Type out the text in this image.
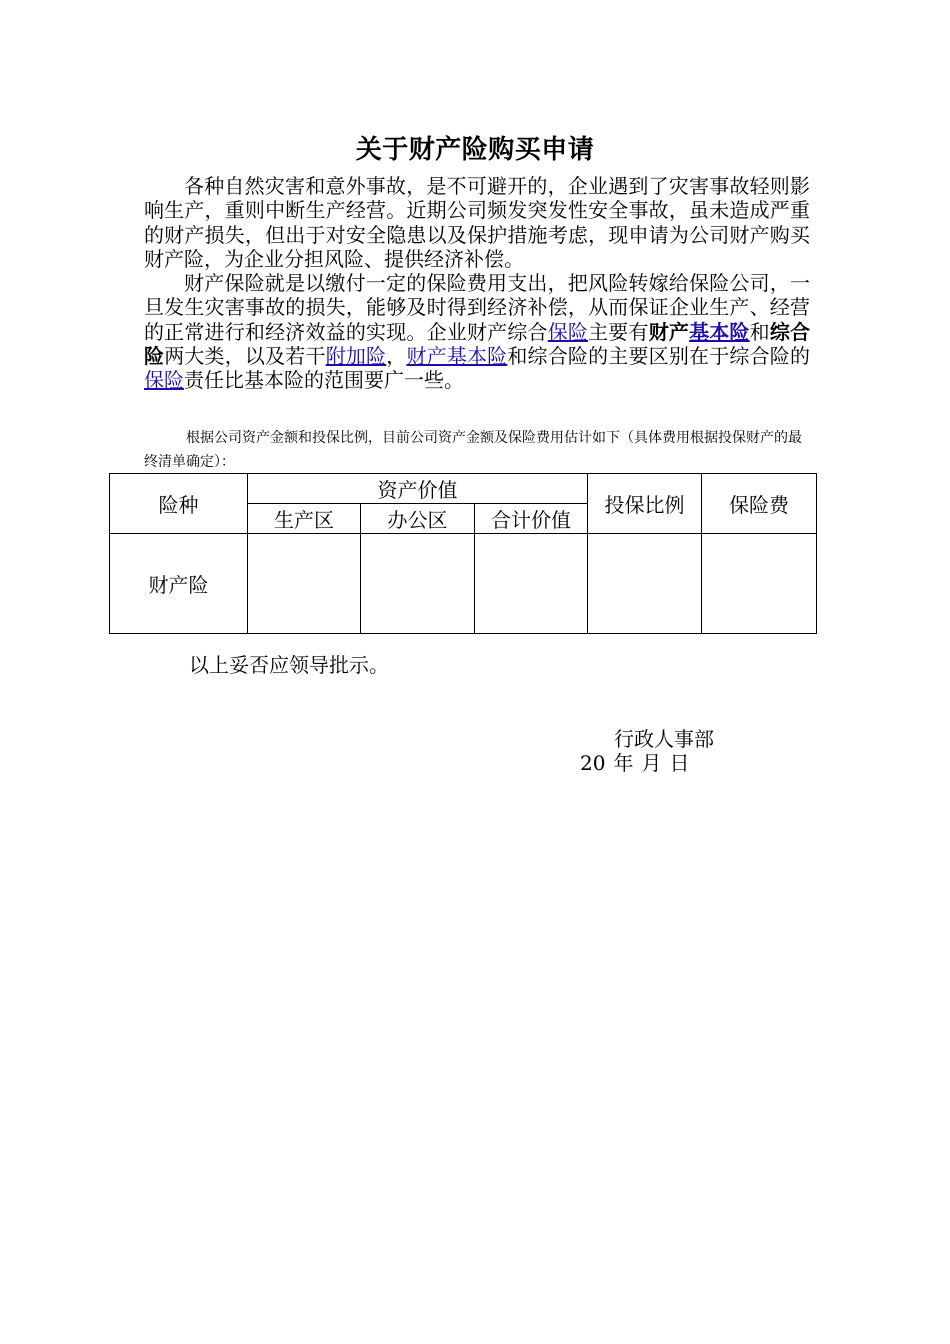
关于财产险购买申请

各种自然灾害和意外事故，是不可避开的，企业遇到了灾害事故轻则影响生产，重则中断生产经营。近期公司频发突发性安全事故，虽未造成严重的财产损失，但出于对安全隐患以及保护措施考虑，现申请为公司财产购买财产险，为企业分担风险、提供经济补偿。

财产保险就是以缴付一定的保险费用支出，把风险转嫁给保险公司，一旦发生灾害事故的损失，能够及时得到经济补偿，从而保证企业生产、经营的正常进行和经济效益的实现。企业财产综合保险主要有财产基本险和综合险两大类，以及若干附加险，财产基本险和综合险的主要区别在于综合险的保险责任比基本险的范围要广一些。

根据公司资产金额和投保比例，目前公司资产金额及保险费用估计如下（具体费用根据投保财产的最终清单确定）：
险种	资产价值			投保比例	保险费
	生产区	办公区	合计价值		
财产险					
以上妥否应领导批示。
行政人事部
20 年 月 日
